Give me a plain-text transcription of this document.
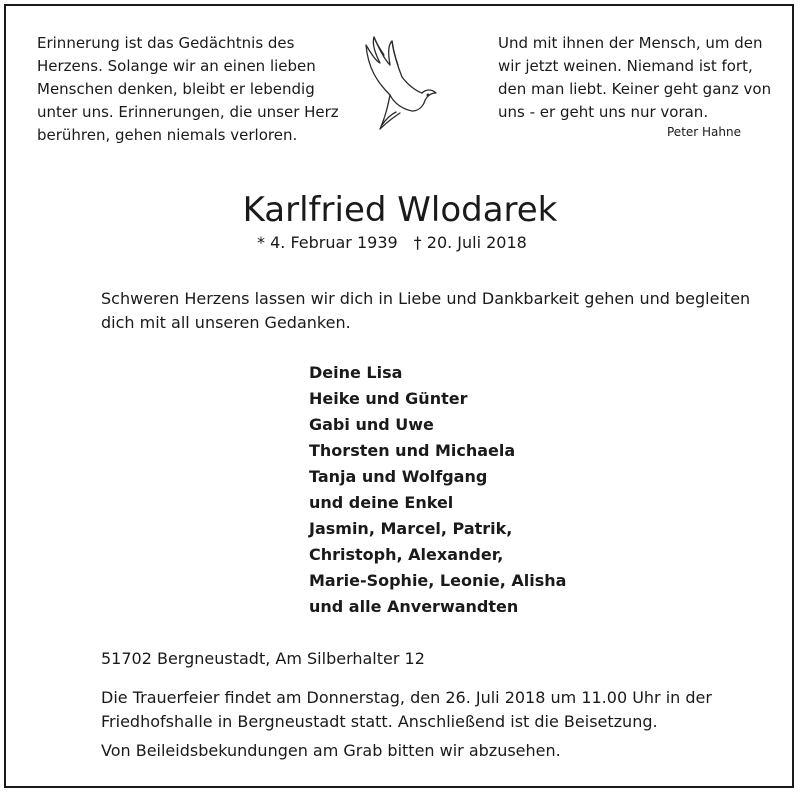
Erinnerung ist das Gedächtnis des
Herzens. Solange wir an einen lieben
Menschen denken, bleibt er lebendig
unter uns. Erinnerungen, die unser Herz
berühren, gehen niemals verloren.
Und mit ihnen der Mensch, um den
wir jetzt weinen. Niemand ist fort,
den man liebt. Keiner geht ganz von
uns - er geht uns nur voran.
Peter Hahne
Karlfried Wlodarek
* 4. Februar 1939 † 20. Juli 2018
Schweren Herzens lassen wir dich in Liebe und Dankbarkeit gehen und begleiten
dich mit all unseren Gedanken.
Deine Lisa
Heike und Günter
Gabi und Uwe
Thorsten und Michaela
Tanja und Wolfgang
und deine Enkel
Jasmin, Marcel, Patrik,
Christoph, Alexander,
Marie-Sophie, Leonie, Alisha
und alle Anverwandten
51702 Bergneustadt, Am Silberhalter 12
Die Trauerfeier findet am Donnerstag, den 26. Juli 2018 um 11.00 Uhr in der
Friedhofshalle in Bergneustadt statt. Anschließend ist die Beisetzung.
Von Beileidsbekundungen am Grab bitten wir abzusehen.
